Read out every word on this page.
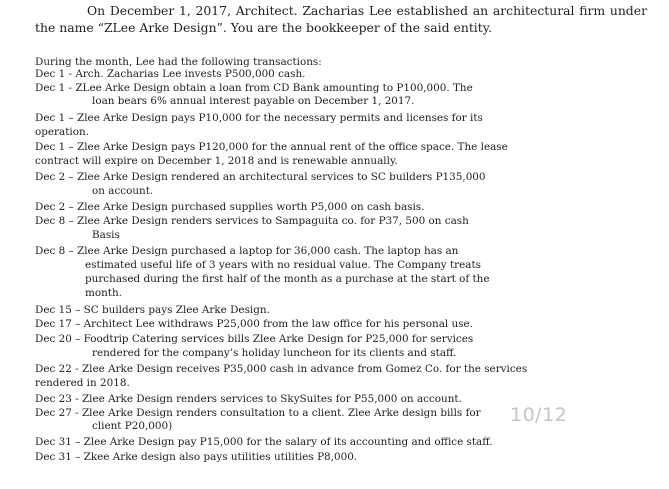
On December 1, 2017, Architect. Zacharias Lee established an architectural firm under the name “ZLee Arke Design”. You are the bookkeeper of the said entity.
During the month, Lee had the following transactions:
Dec 1 - Arch. Zacharias Lee invests P500,000 cash.
Dec 1 - ZLee Arke Design obtain a loan from CD Bank amounting to P100,000. The
loan bears 6% annual interest payable on December 1, 2017.
Dec 1 – Zlee Arke Design pays P10,000 for the necessary permits and licenses for its
operation.
Dec 1 – Zlee Arke Design pays P120,000 for the annual rent of the office space. The lease
contract will expire on December 1, 2018 and is renewable annually.
Dec 2 – Zlee Arke Design rendered an architectural services to SC builders P135,000
on account.
Dec 2 – Zlee Arke Design purchased supplies worth P5,000 on cash basis.
Dec 8 – Zlee Arke Design renders services to Sampaguita co. for P37, 500 on cash
Basis
Dec 8 – Zlee Arke Design purchased a laptop for 36,000 cash. The laptop has an
estimated useful life of 3 years with no residual value. The Company treats
purchased during the first half of the month as a purchase at the start of the
month.
Dec 15 – SC builders pays Zlee Arke Design.
Dec 17 – Architect Lee withdraws P25,000 from the law office for his personal use.
Dec 20 – Foodtrip Catering services bills Zlee Arke Design for P25,000 for services
rendered for the company’s holiday luncheon for its clients and staff.
Dec 22 - Zlee Arke Design receives P35,000 cash in advance from Gomez Co. for the services
rendered in 2018.
Dec 23 - Zlee Arke Design renders services to SkySuites for P55,000 on account.
Dec 27 - Zlee Arke Design renders consultation to a client. Zlee Arke design bills for
client P20,000)
Dec 31 – Zlee Arke Design pay P15,000 for the salary of its accounting and office staff.
Dec 31 – Zkee Arke design also pays utilities utilities P8,000.
10/12
